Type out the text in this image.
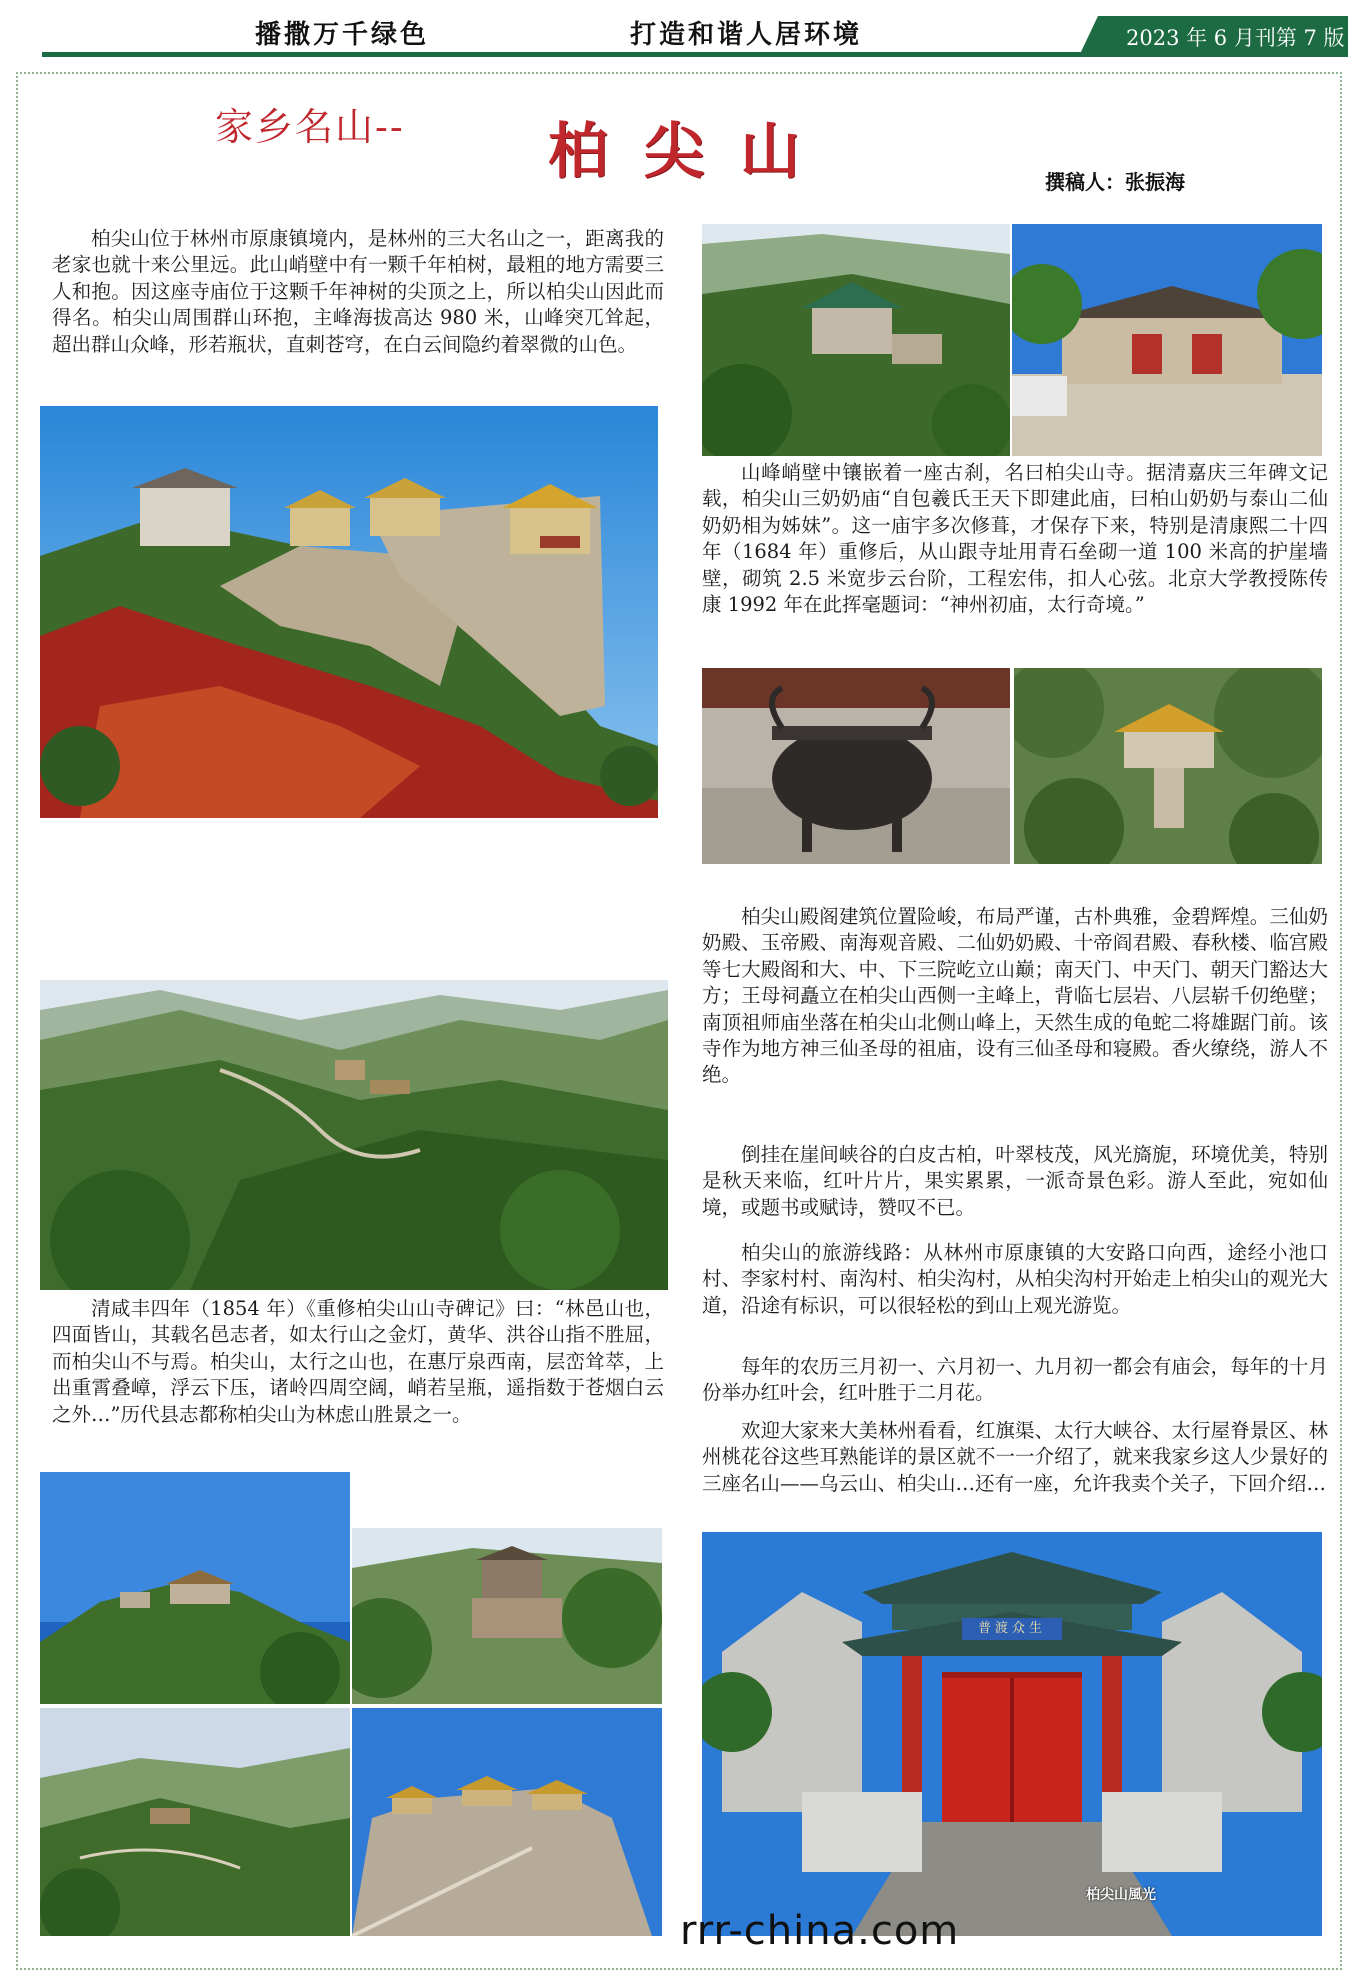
播撒万千绿色	打造和谐人居环境	2023 年 6 月刊第 7 版
家乡名山-- 柏尖山	撰稿人：张振海

柏尖山位于林州市原康镇境内，是林州的三大名山之一，距离我的老家也就十来公里远。此山峭壁中有一颗千年柏树，最粗的地方需要三人和抱。因这座寺庙位于这颗千年神树的尖顶之上，所以柏尖山因此而得名。柏尖山周围群山环抱，主峰海拔高达 980 米，山峰突兀耸起，超出群山众峰，形若瓶状，直刺苍穹，在白云间隐约着翠微的山色。

清咸丰四年（1854 年）《重修柏尖山山寺碑记》曰：“林邑山也，四面皆山，其载名邑志者，如太行山之金灯，黄华、洪谷山指不胜屈，而柏尖山不与焉。柏尖山，太行之山也，在惠厅泉西南，层峦耸萃，上出重霄叠嶂，浮云下压，诸岭四周空阔，峭若呈瓶，遥指数于苍烟白云之外…”历代县志都称柏尖山为林虑山胜景之一。

山峰峭壁中镶嵌着一座古刹，名曰柏尖山寺。据清嘉庆三年碑文记载，柏尖山三奶奶庙“自包羲氏王天下即建此庙，曰柏山奶奶与泰山二仙奶奶相为姊妹”。这一庙宇多次修葺，才保存下来，特别是清康熙二十四年（1684 年）重修后，从山跟寺址用青石垒砌一道 100 米高的护崖墙壁，砌筑 2.5 米宽步云台阶，工程宏伟，扣人心弦。北京大学教授陈传康 1992 年在此挥毫题词：“神州初庙，太行奇境。”

柏尖山殿阁建筑位置险峻，布局严谨，古朴典雅，金碧辉煌。三仙奶奶殿、玉帝殿、南海观音殿、二仙奶奶殿、十帝阎君殿、春秋楼、临宫殿等七大殿阁和大、中、下三院屹立山巅；南天门、中天门、朝天门豁达大方；王母祠矗立在柏尖山西侧一主峰上，背临七层岩、八层崭千仞绝壁；南顶祖师庙坐落在柏尖山北侧山峰上，天然生成的龟蛇二将雄踞门前。该寺作为地方神三仙圣母的祖庙，设有三仙圣母和寝殿。香火缭绕，游人不绝。

倒挂在崖间峡谷的白皮古柏，叶翠枝茂，风光旖旎，环境优美，特别是秋天来临，红叶片片，果实累累，一派奇景色彩。游人至此，宛如仙境，或题书或赋诗，赞叹不已。

柏尖山的旅游线路：从林州市原康镇的大安路口向西，途经小池口村、李家村村、南沟村、柏尖沟村，从柏尖沟村开始走上柏尖山的观光大道，沿途有标识，可以很轻松的到山上观光游览。

每年的农历三月初一、六月初一、九月初一都会有庙会，每年的十月份举办红叶会，红叶胜于二月花。

欢迎大家来大美林州看看，红旗渠、太行大峡谷、太行屋脊景区、林州桃花谷这些耳熟能详的景区就不一一介绍了，就来我家乡这人少景好的三座名山——乌云山、柏尖山…还有一座，允许我卖个关子，下回介绍…

普渡众生
柏尖山風光
rrr-china.com
